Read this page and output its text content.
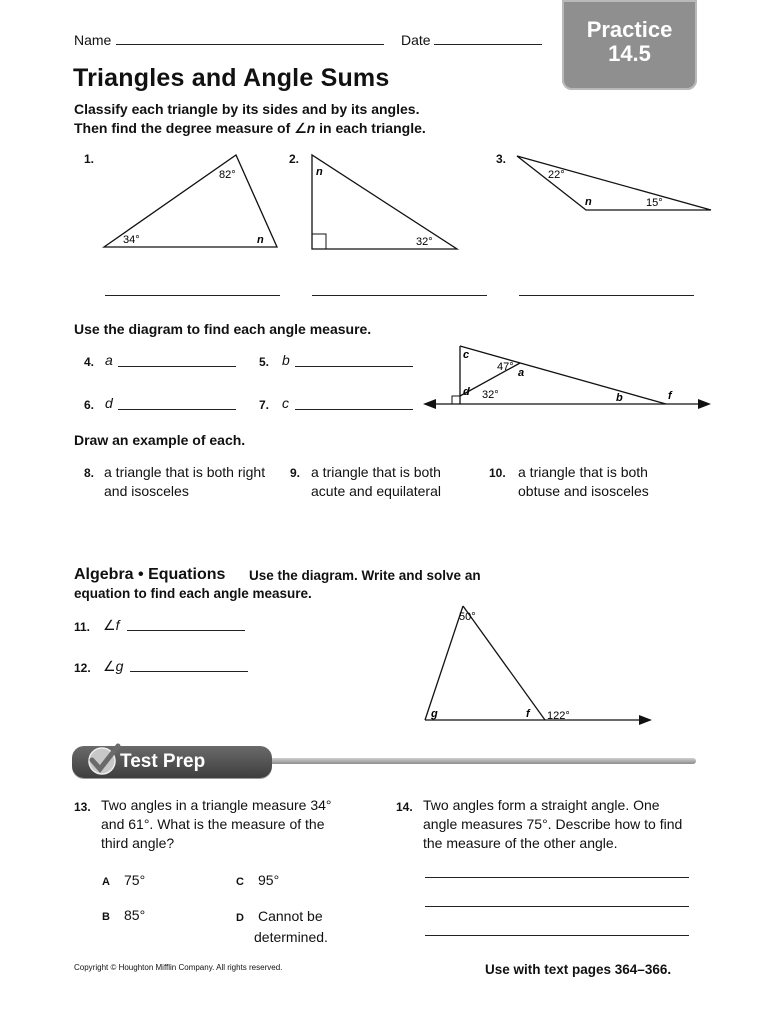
Name	Date	Practice
14.5
Triangles and Angle Sums
Classify each triangle by its sides and by its angles.
Then find the degree measure of ∠n in each triangle.
1.	2.	3.
82°
34°	n
n
32°
22°
n	15°
Use the diagram to find each angle measure.
4. a	5. b
6. d	7. c
c
47° a
d 32°	b	f
Draw an example of each.
8. a triangle that is both right
and isosceles
9. a triangle that is both
acute and equilateral
10. a triangle that is both
obtuse and isosceles
Algebra • Equations Use the diagram. Write and solve an
equation to find each angle measure.
11. ∠f
12. ∠g
50°
g	f 122°
Test Prep
13. Two angles in a triangle measure 34°
and 61°. What is the measure of the
third angle?
A 75°	C 95°
B 85°	D Cannot be
determined.
14. Two angles form a straight angle. One
angle measures 75°. Describe how to find
the measure of the other angle.
Copyright © Houghton Mifflin Company. All rights reserved.	Use with text pages 364–366.
